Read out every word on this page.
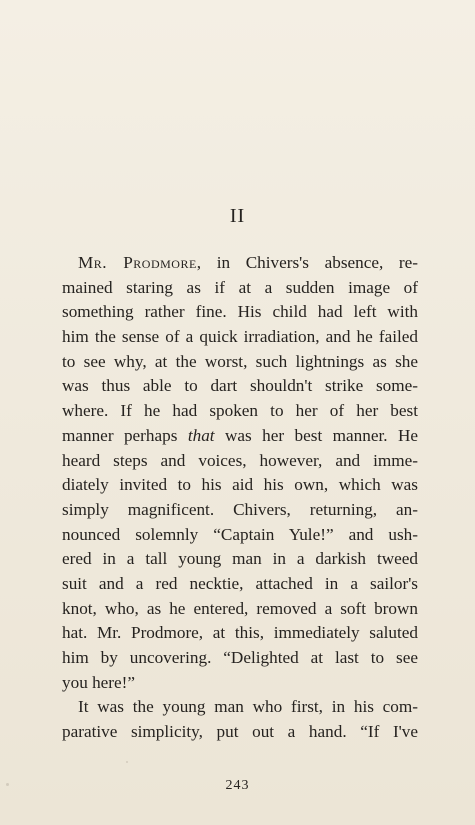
II
Mr. Prodmore, in Chivers's absence, re-
mained staring as if at a sudden image of
something rather fine. His child had left with
him the sense of a quick irradiation, and he failed
to see why, at the worst, such lightnings as she
was thus able to dart shouldn't strike some-
where. If he had spoken to her of her best
manner perhaps that was her best manner. He
heard steps and voices, however, and imme-
diately invited to his aid his own, which was
simply magnificent. Chivers, returning, an-
nounced solemnly “Captain Yule!” and ush-
ered in a tall young man in a darkish tweed
suit and a red necktie, attached in a sailor's
knot, who, as he entered, removed a soft brown
hat. Mr. Prodmore, at this, immediately saluted
him by uncovering. “Delighted at last to see
you here!”
It was the young man who first, in his com-
parative simplicity, put out a hand. “If I've
243
